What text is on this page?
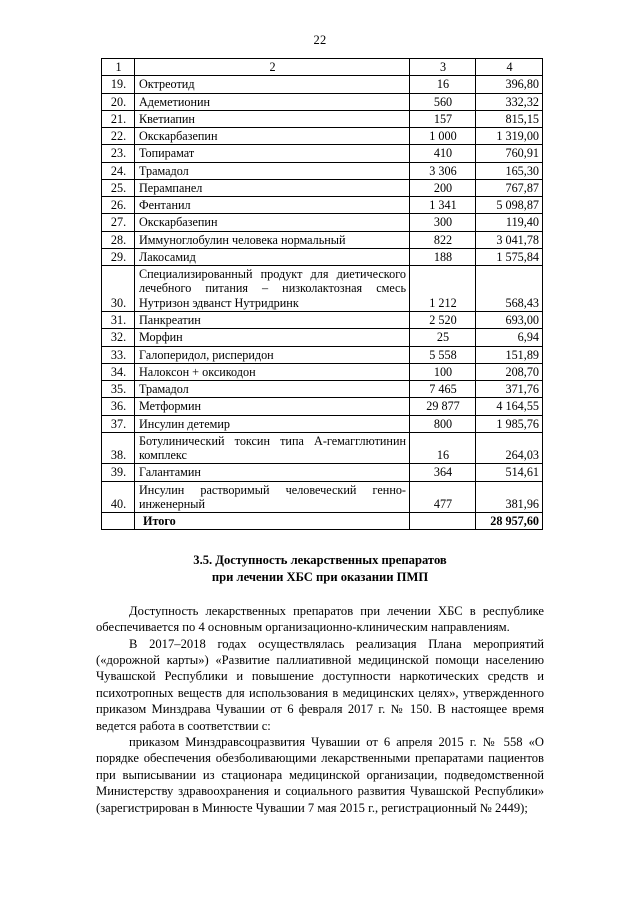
22
1	2	3	4
19.	Октреотид	16	396,80
20.	Адеметионин	560	332,32
21.	Кветиапин	157	815,15
22.	Окскарбазепин	1 000	1 319,00
23.	Топирамат	410	760,91
24.	Трамадол	3 306	165,30
25.	Перампанел	200	767,87
26.	Фентанил	1 341	5 098,87
27.	Окскарбазепин	300	119,40
28.	Иммуноглобулин человека нормальный	822	3 041,78
29.	Лакосамид	188	1 575,84
30.	Специализированный продукт для диетического лечебного питания – низколактозная смесь Нутризон эдванст Нутридринк	1 212	568,43
31.	Панкреатин	2 520	693,00
32.	Морфин	25	6,94
33.	Галоперидол, рисперидон	5 558	151,89
34.	Налоксон + оксикодон	100	208,70
35.	Трамадол	7 465	371,76
36.	Метформин	29 877	4 164,55
37.	Инсулин детемир	800	1 985,76
38.	Ботулинический токсин типа А-гемагглютинин комплекс	16	264,03
39.	Галантамин	364	514,61
40.	Инсулин растворимый человеческий генно-инженерный	477	381,96
	Итого		28 957,60
3.5. Доступность лекарственных препаратов
при лечении ХБС при оказании ПМП

Доступность лекарственных препаратов при лечении ХБС в республике обеспечивается по 4 основным организационно-клиническим направлениям.

В 2017–2018 годах осуществлялась реализация Плана мероприятий («дорожной карты») «Развитие паллиативной медицинской помощи населению Чувашской Республики и повышение доступности наркотических средств и психотропных веществ для использования в медицинских целях», утвержденного приказом Минздрава Чувашии от 6 февраля 2017 г. № 150. В настоящее время ведется работа в соответствии с:

приказом Минздравсоцразвития Чувашии от 6 апреля 2015 г. № 558 «О порядке обеспечения обезболивающими лекарственными препаратами пациентов при выписывании из стационара медицинской организации, подведомственной Министерству здравоохранения и социального развития Чувашской Республики» (зарегистрирован в Минюсте Чувашии 7 мая 2015 г., регистрационный № 2449);
